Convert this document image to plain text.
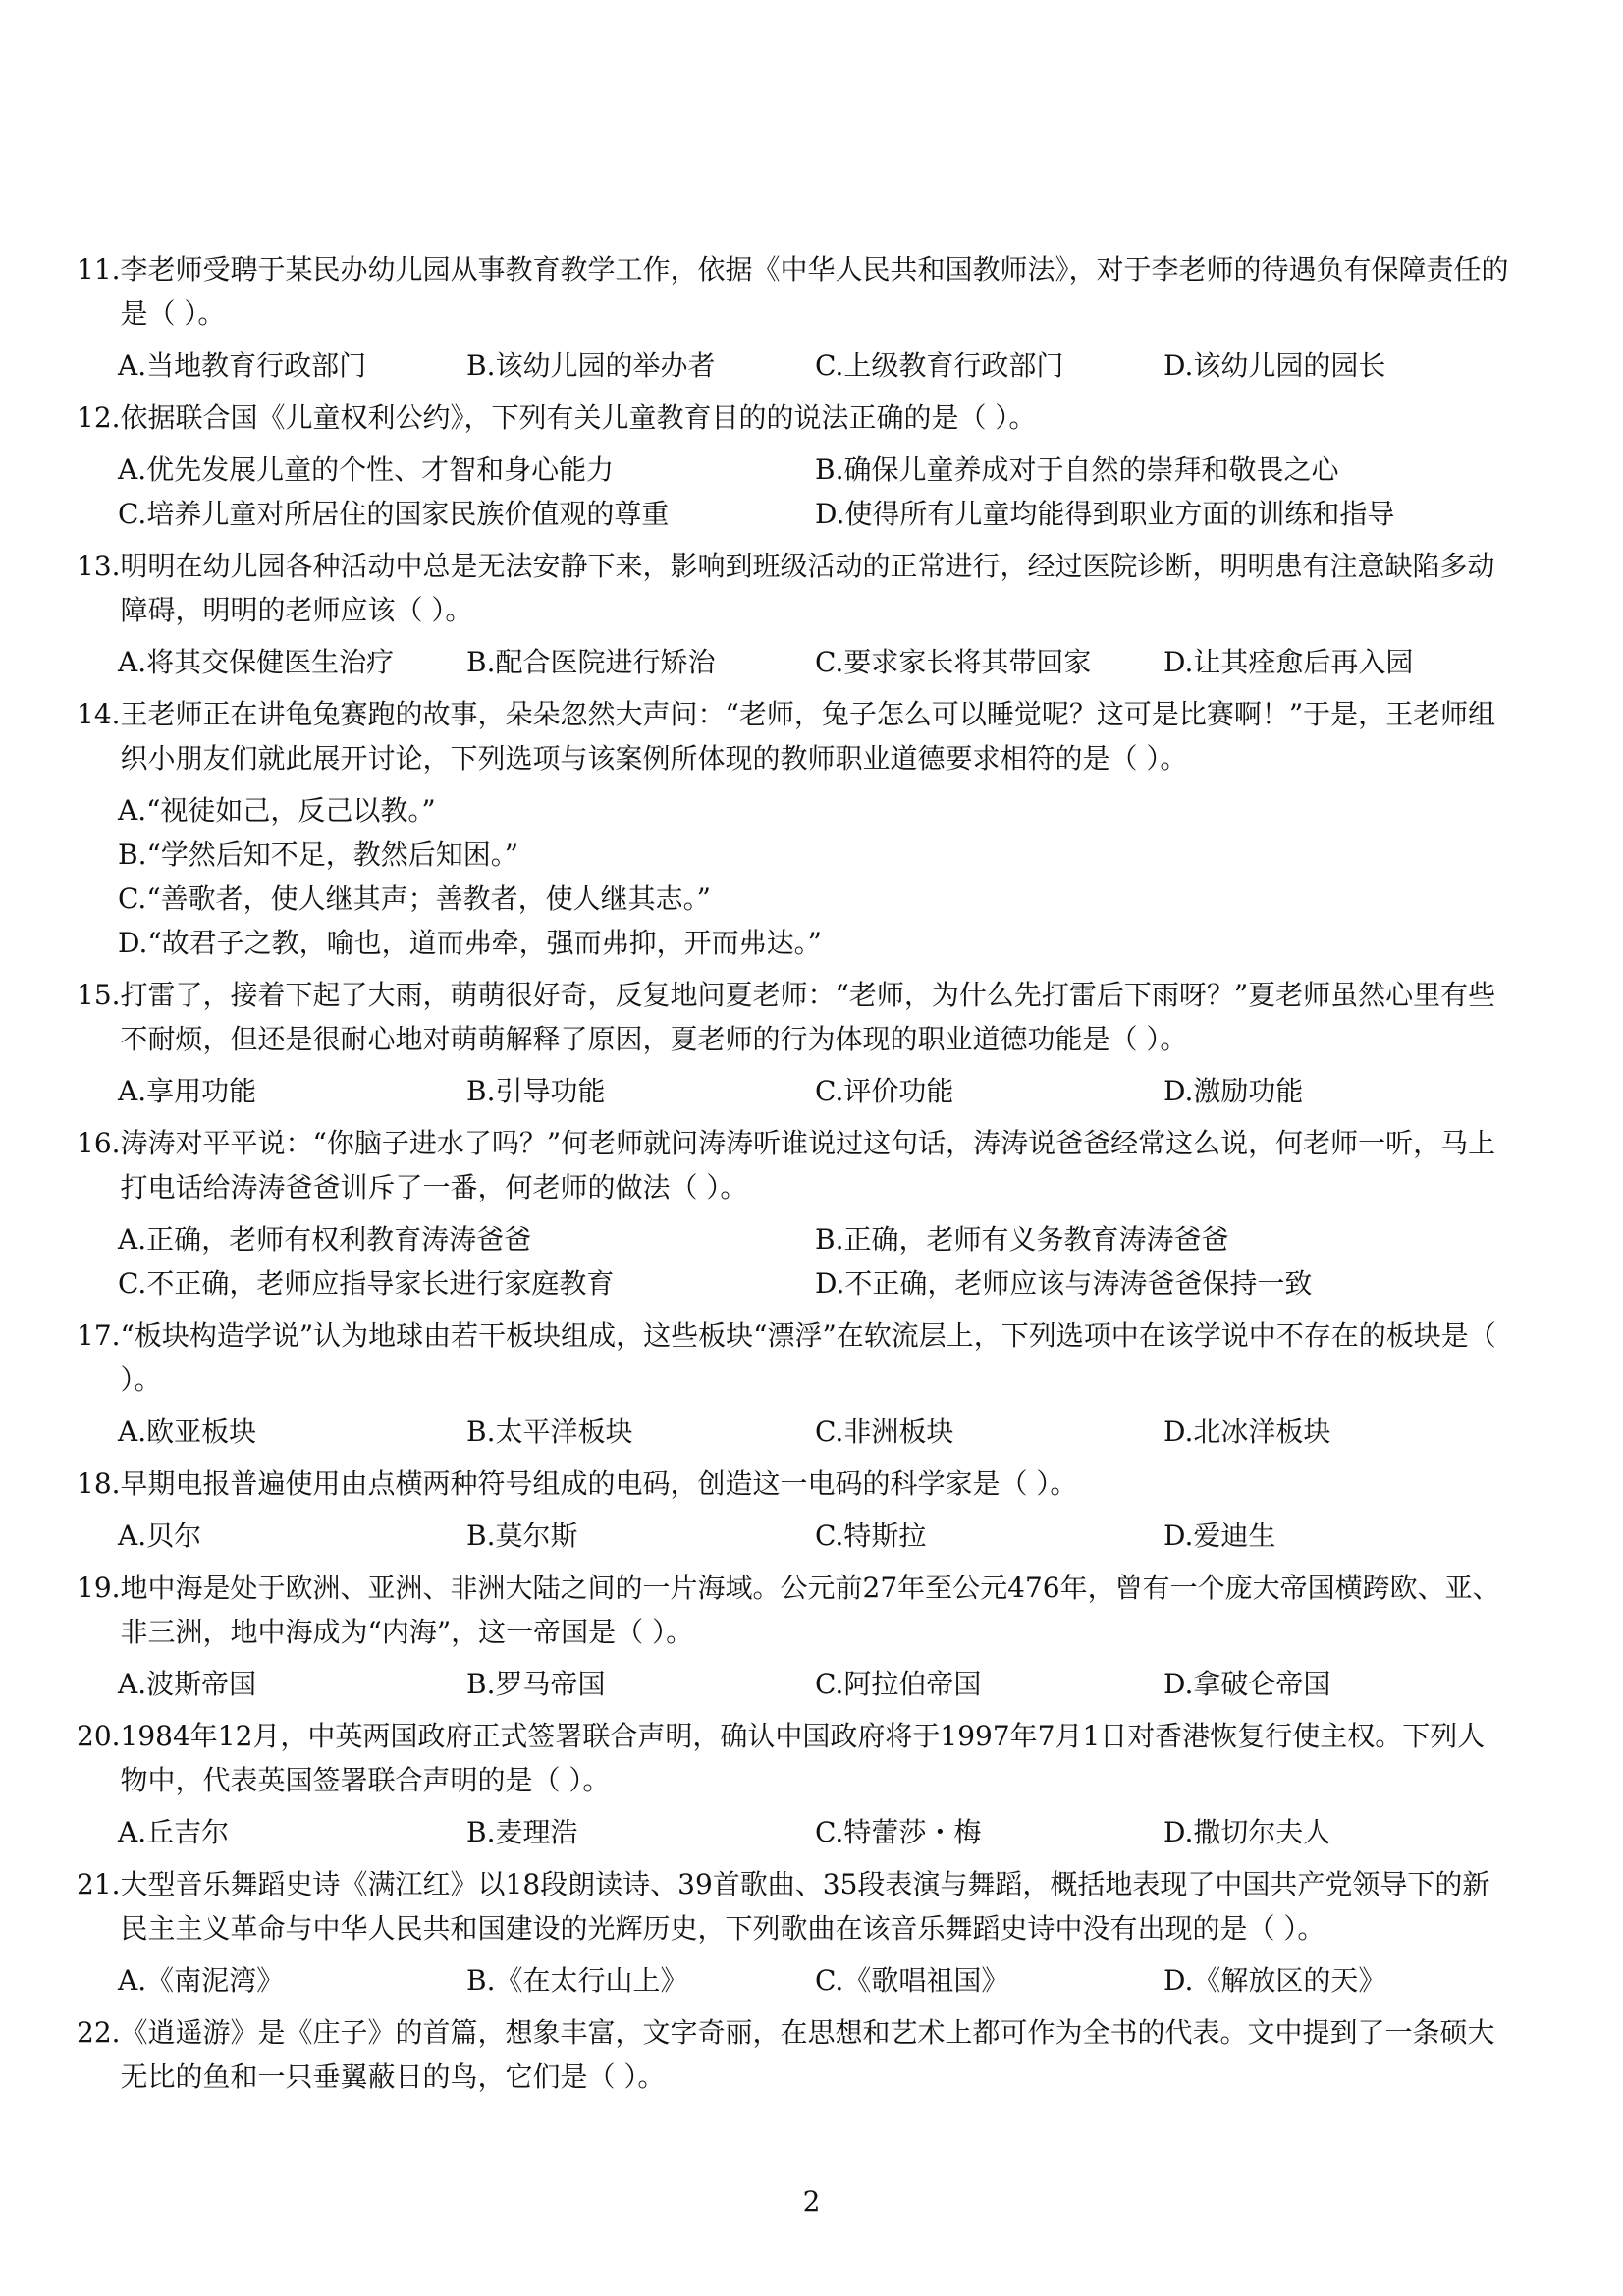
11. 李老师受聘于某民办幼儿园从事教育教学工作，依据《中华人民共和国教师法》，对于李老师的待遇负有保障责任的是（ ）。
A.当地教育行政部门	B.该幼儿园的举办者	C.上级教育行政部门	D.该幼儿园的园长
12. 依据联合国《儿童权利公约》，下列有关儿童教育目的的说法正确的是（ ）。
A.优先发展儿童的个性、才智和身心能力	B.确保儿童养成对于自然的崇拜和敬畏之心
C.培养儿童对所居住的国家民族价值观的尊重	D.使得所有儿童均能得到职业方面的训练和指导
13. 明明在幼儿园各种活动中总是无法安静下来，影响到班级活动的正常进行，经过医院诊断，明明患有注意缺陷多动障碍，明明的老师应该（ ）。
A.将其交保健医生治疗	B.配合医院进行矫治	C.要求家长将其带回家	D.让其痊愈后再入园
14. 王老师正在讲龟兔赛跑的故事，朵朵忽然大声问：“老师，兔子怎么可以睡觉呢？这可是比赛啊！”于是，王老师组织小朋友们就此展开讨论，下列选项与该案例所体现的教师职业道德要求相符的是（ ）。
A.“视徒如己，反己以教。”
B.“学然后知不足，教然后知困。”
C.“善歌者，使人继其声；善教者，使人继其志。”
D.“故君子之教，喻也，道而弗牵，强而弗抑，开而弗达。”
15. 打雷了，接着下起了大雨，萌萌很好奇，反复地问夏老师：“老师，为什么先打雷后下雨呀？”夏老师虽然心里有些不耐烦，但还是很耐心地对萌萌解释了原因，夏老师的行为体现的职业道德功能是（ ）。
A.享用功能	B.引导功能	C.评价功能	D.激励功能
16. 涛涛对平平说：“你脑子进水了吗？”何老师就问涛涛听谁说过这句话，涛涛说爸爸经常这么说，何老师一听，马上打电话给涛涛爸爸训斥了一番，何老师的做法（ ）。
A.正确，老师有权利教育涛涛爸爸	B.正确，老师有义务教育涛涛爸爸
C.不正确，老师应指导家长进行家庭教育	D.不正确，老师应该与涛涛爸爸保持一致
17. “板块构造学说”认为地球由若干板块组成，这些板块“漂浮”在软流层上，下列选项中在该学说中不存在的板块是（ ）。
A.欧亚板块	B.太平洋板块	C.非洲板块	D.北冰洋板块
18. 早期电报普遍使用由点横两种符号组成的电码，创造这一电码的科学家是（ ）。
A.贝尔	B.莫尔斯	C.特斯拉	D.爱迪生
19. 地中海是处于欧洲、亚洲、非洲大陆之间的一片海域。公元前27年至公元476年，曾有一个庞大帝国横跨欧、亚、非三洲，地中海成为“内海”，这一帝国是（ ）。
A.波斯帝国	B.罗马帝国	C.阿拉伯帝国	D.拿破仑帝国
20. 1984年12月，中英两国政府正式签署联合声明，确认中国政府将于1997年7月1日对香港恢复行使主权。下列人物中，代表英国签署联合声明的是（ ）。
A.丘吉尔	B.麦理浩	C.特蕾莎・梅	D.撒切尔夫人
21. 大型音乐舞蹈史诗《满江红》以18段朗读诗、39首歌曲、35段表演与舞蹈，概括地表现了中国共产党领导下的新民主主义革命与中华人民共和国建设的光辉历史，下列歌曲在该音乐舞蹈史诗中没有出现的是（ ）。
A.《南泥湾》	B.《在太行山上》	C.《歌唱祖国》	D.《解放区的天》
22. 《逍遥游》是《庄子》的首篇，想象丰富，文字奇丽，在思想和艺术上都可作为全书的代表。文中提到了一条硕大无比的鱼和一只垂翼蔽日的鸟，它们是（ ）。
2
